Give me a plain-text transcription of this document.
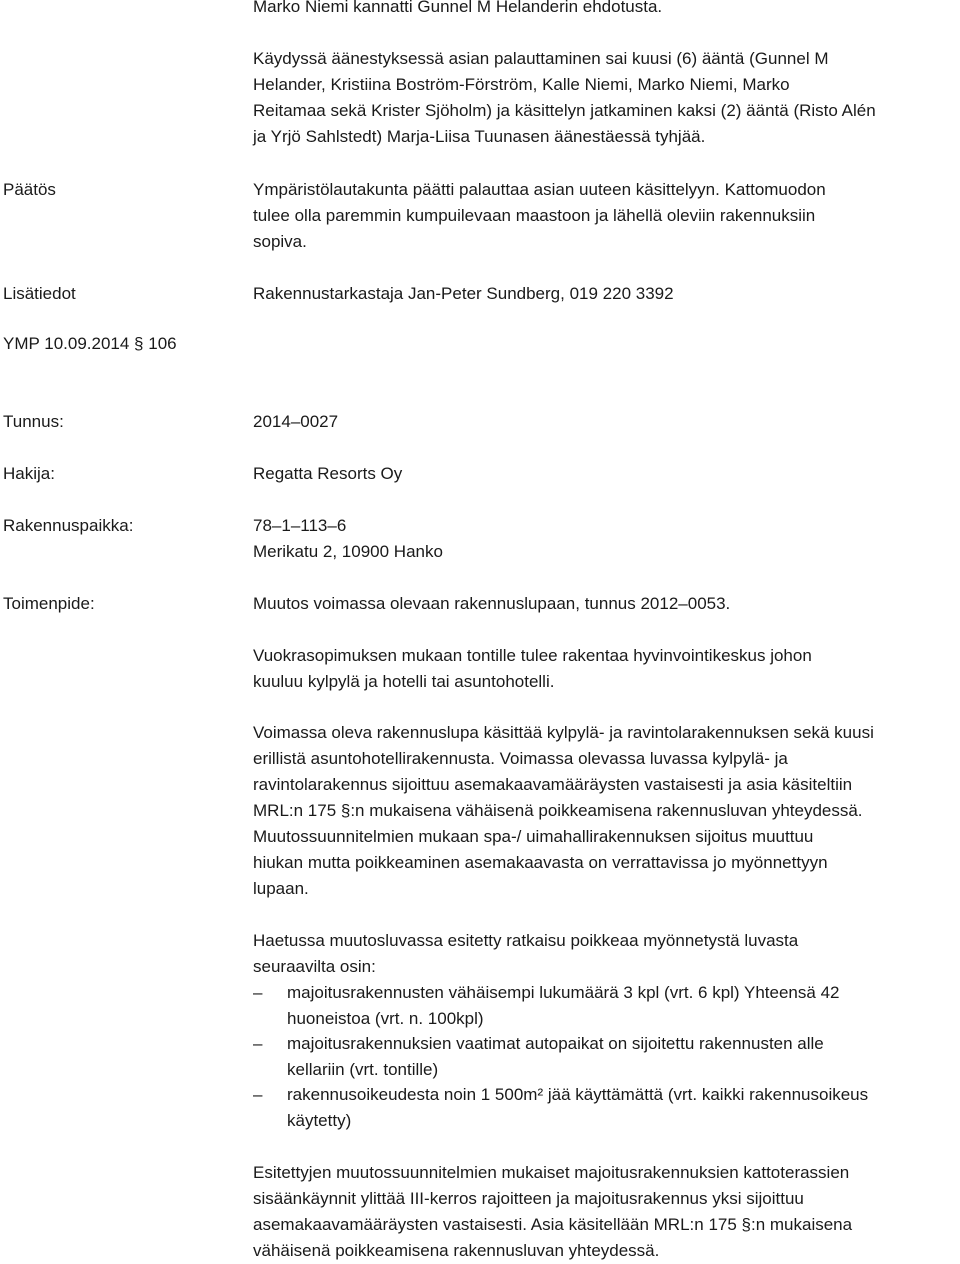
Marko Niemi kannatti Gunnel M Helanderin ehdotusta.

Käydyssä äänestyksessä asian palauttaminen sai kuusi (6) ääntä (Gunnel M

Helander, Kristiina Boström-Förström, Kalle Niemi, Marko Niemi, Marko

Reitamaa sekä Krister Sjöholm) ja käsittelyn jatkaminen kaksi (2) ääntä (Risto Alén

ja Yrjö Sahlstedt) Marja-Liisa Tuunasen äänestäessä tyhjää.

Päätös	Ympäristölautakunta päätti palauttaa asian uuteen käsittelyyn. Kattomuodon

tulee olla paremmin kumpuilevaan maastoon ja lähellä oleviin rakennuksiin

sopiva.

Lisätiedot	Rakennustarkastaja Jan-Peter Sundberg, 019 220 3392
YMP 10.09.2014 § 106
Tunnus:	2014–0027
Hakija:	Regatta Resorts Oy
Rakennuspaikka:	78–1–113–6
Merikatu 2, 10900 Hanko
Toimenpide:	Muutos voimassa olevaan rakennuslupaan, tunnus 2012–0053.

Vuokrasopimuksen mukaan tontille tulee rakentaa hyvinvointikeskus johon

kuuluu kylpylä ja hotelli tai asuntohotelli.

Voimassa oleva rakennuslupa käsittää kylpylä- ja ravintolarakennuksen sekä kuusi

erillistä asuntohotellirakennusta. Voimassa olevassa luvassa kylpylä- ja

ravintolarakennus sijoittuu asemakaavamääräysten vastaisesti ja asia käsiteltiin

MRL:n 175 §:n mukaisena vähäisenä poikkeamisena rakennusluvan yhteydessä.

Muutossuunnitelmien mukaan spa-/ uimahallirakennuksen sijoitus muuttuu

hiukan mutta poikkeaminen asemakaavasta on verrattavissa jo myönnettyyn

lupaan.

Haetussa muutosluvassa esitetty ratkaisu poikkeaa myönnetystä luvasta

seuraavilta osin:

– majoitusrakennusten vähäisempi lukumäärä 3 kpl (vrt. 6 kpl) Yhteensä 42

huoneistoa (vrt. n. 100kpl)

– majoitusrakennuksien vaatimat autopaikat on sijoitettu rakennusten alle

kellariin (vrt. tontille)

– rakennusoikeudesta noin 1 500m² jää käyttämättä (vrt. kaikki rakennusoikeus

käytetty)

Esitettyjen muutossuunnitelmien mukaiset majoitusrakennuksien kattoterassien

sisäänkäynnit ylittää III-kerros rajoitteen ja majoitusrakennus yksi sijoittuu

asemakaavamääräysten vastaisesti. Asia käsitellään MRL:n 175 §:n mukaisena

vähäisenä poikkeamisena rakennusluvan yhteydessä.
